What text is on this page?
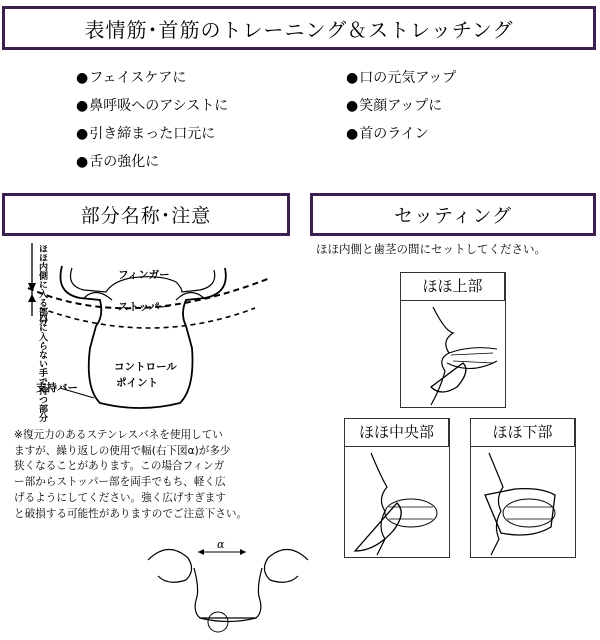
表情筋･首筋のトレーニング＆ストレッチング
● フェイスケアに
● 鼻呼吸へのアシストに
● 引き締まった口元に
● 舌の強化に
● 口の元気アップ
● 笑顔アップに
● 首のライン
部分名称･注意	セッティング
フィンガー
ストッパー
コントロール
ポイント
支持バー
ほほ内側に入る部分
口に入らない手で持つ部分

※復元力のあるステンレスバネを使用してい
ますが、繰り返しの使用で幅(右下図α)が多少
狭くなることがあります。この場合フィンガ
ー部からストッパー部を両手でもち、軽く広
げるようにしてください。強く広げすぎます
と破損する可能性がありますのでご注意下さい。

α
ほほ内側と歯茎の間にセットしてください。
ほほ上部
ほほ中央部	ほほ下部
